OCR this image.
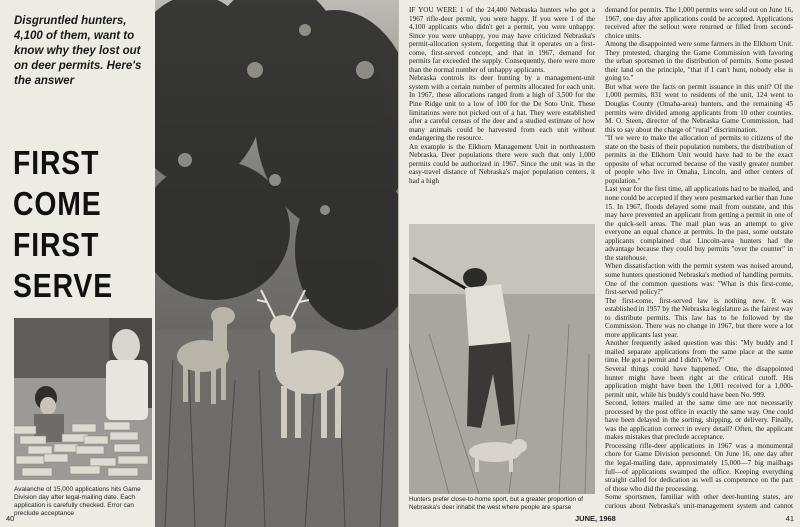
Disgruntled hunters, 4,100 of them, want to know why they lost out on deer permits. Here's the answer
FIRST
COME
FIRST
SERVE
Avalanche of 15,000 applications hits Game Division day after legal-mailing date. Each application is carefully checked. Error can preclude acceptance
40

IF YOU WERE 1 of the 24,400 Nebraska hunters who got a 1967 rifle-deer permit, you were happy. If you were 1 of the 4,100 applicants who didn't get a permit, you were unhappy. Since you were unhappy, you may have criticized Nebraska's permit-allocation system, forgetting that it operates on a first-come, first-served concept, and that in 1967, demand for permits far exceeded the supply. Consequently, there were more than the normal number of unhappy applicants.

Nebraska controls its deer hunting by a management-unit system with a certain number of permits allocated for each unit. In 1967, these allocations ranged from a high of 3,500 for the Pine Ridge unit to a low of 100 for the De Soto Unit. These limitations were not picked out of a hat. They were established after a careful census of the deer and a studied estimate of how many animals could be harvested from each unit without endangering the resource.

An example is the Elkhorn Management Unit in northeastern Nebraska. Deer populations there were such that only 1,000 permits could be authorized in 1967. Since the unit was in the easy-travel distance of Nebraska's major population centers, it had a high

demand for permits. The 1,000 permits were sold out on June 16, 1967, one day after applications could be accepted. Applications received after the sellout were returned or filled from second-choice units.

Among the disappointed were some farmers in the Elkhorn Unit. They protested, charging the Game Commission with favoring the urban sportsmen in the distribution of permits. Some posted their land on the principle, "that if I can't hunt, nobody else is going to."

But what were the facts on permit issuance in this unit? Of the 1,000 permits, 831 went to residents of the unit, 124 went to Douglas County (Omaha-area) hunters, and the remaining 45 permits were divided among applicants from 10 other counties. M. O. Steen, director of the Nebraska Game Commission, had this to say about the charge of "rural" discrimination.

"If we were to make the allocation of permits to citizens of the state on the basis of their population numbers, the distribution of permits in the Elkhorn Unit would have had to be the exact opposite of what occurred because of the vastly greater number of people who live in Omaha, Lincoln, and other centers of population."

Last year for the first time, all applications had to be mailed, and none could be accepted if they were postmarked earlier than June 15. In 1967, floods delayed some mail from outstate, and this may have prevented an applicant from getting a permit in one of the quick-sell areas. The mail plan was an attempt to give everyone an equal chance at permits. In the past, some outstate applicants complained that Lincoln-area hunters had the advantage because they could buy permits "over the counter" in the statehouse.

When dissatisfaction with the permit system was noised around, some hunters questioned Nebraska's method of handling permits. One of the common questions was: "What is this first-come, first-served policy?"

The first-come, first-served law is nothing new. It was established in 1957 by the Nebraska legislature as the fairest way to distribute permits. This law has to be followed by the Commission. There was no change in 1967, but there were a lot more applicants last year.

Another frequently asked question was this: "My buddy and I mailed separate applications from the same place at the same time. He got a permit and I didn't. Why?"

Several things could have happened. One, the disappointed hunter might have been right at the critical cutoff. His application might have been the 1,001 received for a 1,000-permit unit, while his buddy's could have been No. 999.

Second, letters mailed at the same time are not necessarily processed by the post office in exactly the same way. One could have been delayed in the sorting, shipping, or delivery. Finally, was the application correct in every detail? Often, the applicant makes mistakes that preclude acceptance.

Processing rifle-deer applications in 1967 was a monumental chore for Game Division personnel. On June 16, one day after the legal-mailing date, approximately 15,000—7 big mailbags full—of applications swamped the office. Keeping everything straight called for dedication as well as competence on the part of those who did the processing.

Some sportsmen, familiar with other deer-hunting states, are curious about Nebraska's unit-management system and cannot

Hunters prefer close-to-home sport, but a greater proportion of Nebraska's deer inhabit the west where people are sparse
JUNE, 1968	41
